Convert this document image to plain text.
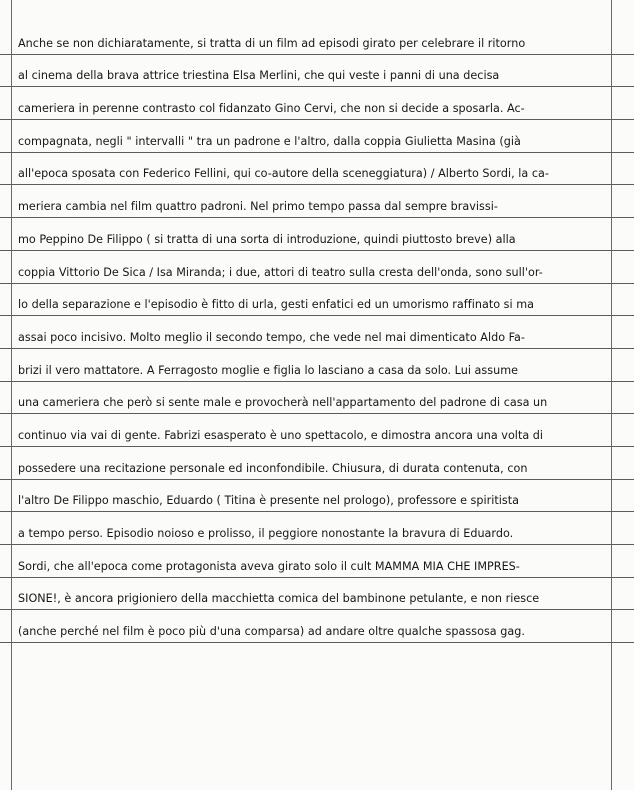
Anche se non dichiaratamente, si tratta di un film ad episodi girato per celebrare il ritorno

al cinema della brava attrice triestina Elsa Merlini, che qui veste i panni di una decisa

cameriera in perenne contrasto col fidanzato Gino Cervi, che non si decide a sposarla. Ac-

compagnata, negli " intervalli " tra un padrone e l'altro, dalla coppia Giulietta Masina (già

all'epoca sposata con Federico Fellini, qui co-autore della sceneggiatura) / Alberto Sordi, la ca-

meriera cambia nel film quattro padroni. Nel primo tempo passa dal sempre bravissi-

mo Peppino De Filippo ( si tratta di una sorta di introduzione, quindi piuttosto breve) alla

coppia Vittorio De Sica / Isa Miranda; i due, attori di teatro sulla cresta dell'onda, sono sull'or-

lo della separazione e l'episodio è fitto di urla, gesti enfatici ed un umorismo raffinato si ma

assai poco incisivo. Molto meglio il secondo tempo, che vede nel mai dimenticato Aldo Fa-

brizi il vero mattatore. A Ferragosto moglie e figlia lo lasciano a casa da solo. Lui assume

una cameriera che però si sente male e provocherà nell'appartamento del padrone di casa un

continuo via vai di gente. Fabrizi esasperato è uno spettacolo, e dimostra ancora una volta di

possedere una recitazione personale ed inconfondibile. Chiusura, di durata contenuta, con

l'altro De Filippo maschio, Eduardo ( Titina è presente nel prologo), professore e spiritista

a tempo perso. Episodio noioso e prolisso, il peggiore nonostante la bravura di Eduardo.

Sordi, che all'epoca come protagonista aveva girato solo il cult MAMMA MIA CHE IMPRES-

SIONE!, è ancora prigioniero della macchietta comica del bambinone petulante, e non riesce

(anche perché nel film è poco più d'una comparsa) ad andare oltre qualche spassosa gag.
